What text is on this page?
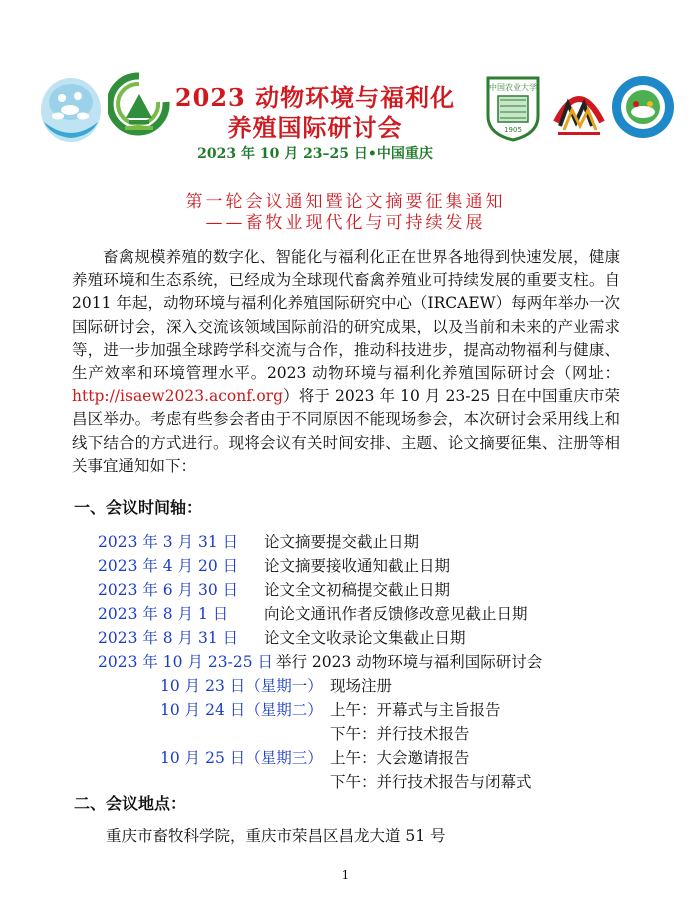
中国农业大学
1905
2023 动物环境与福利化
养殖国际研讨会
2023 年 10 月 23–25 日•中国重庆
第一轮会议通知暨论文摘要征集通知
——畜牧业现代化与可持续发展
畜禽规模养殖的数字化、智能化与福利化正在世界各地得到快速发展，健康养殖环境和生态系统，已经成为全球现代畜禽养殖业可持续发展的重要支柱。自 2011 年起，动物环境与福利化养殖国际研究中心（IRCAEW）每两年举办一次国际研讨会，深入交流该领域国际前沿的研究成果，以及当前和未来的产业需求等，进一步加强全球跨学科交流与合作，推动科技进步，提高动物福利与健康、生产效率和环境管理水平。2023 动物环境与福利化养殖国际研讨会（网址：http://isaew2023.aconf.org）将于 2023 年 10 月 23-25 日在中国重庆市荣昌区举办。考虑有些参会者由于不同原因不能现场参会，本次研讨会采用线上和线下结合的方式进行。现将会议有关时间安排、主题、论文摘要征集、注册等相关事宜通知如下：
一、会议时间轴：
2023 年 3 月 31 日 论文摘要提交截止日期
2023 年 4 月 20 日 论文摘要接收通知截止日期
2023 年 6 月 30 日 论文全文初稿提交截止日期
2023 年 8 月 1 日 向论文通讯作者反馈修改意见截止日期
2023 年 8 月 31 日 论文全文收录论文集截止日期
2023 年 10 月 23-25 日 举行 2023 动物环境与福利国际研讨会
10 月 23 日（星期一） 现场注册
10 月 24 日（星期二） 上午：开幕式与主旨报告
下午：并行技术报告
10 月 25 日（星期三） 上午：大会邀请报告
下午：并行技术报告与闭幕式
二、会议地点：
重庆市畜牧科学院，重庆市荣昌区昌龙大道 51 号
1
